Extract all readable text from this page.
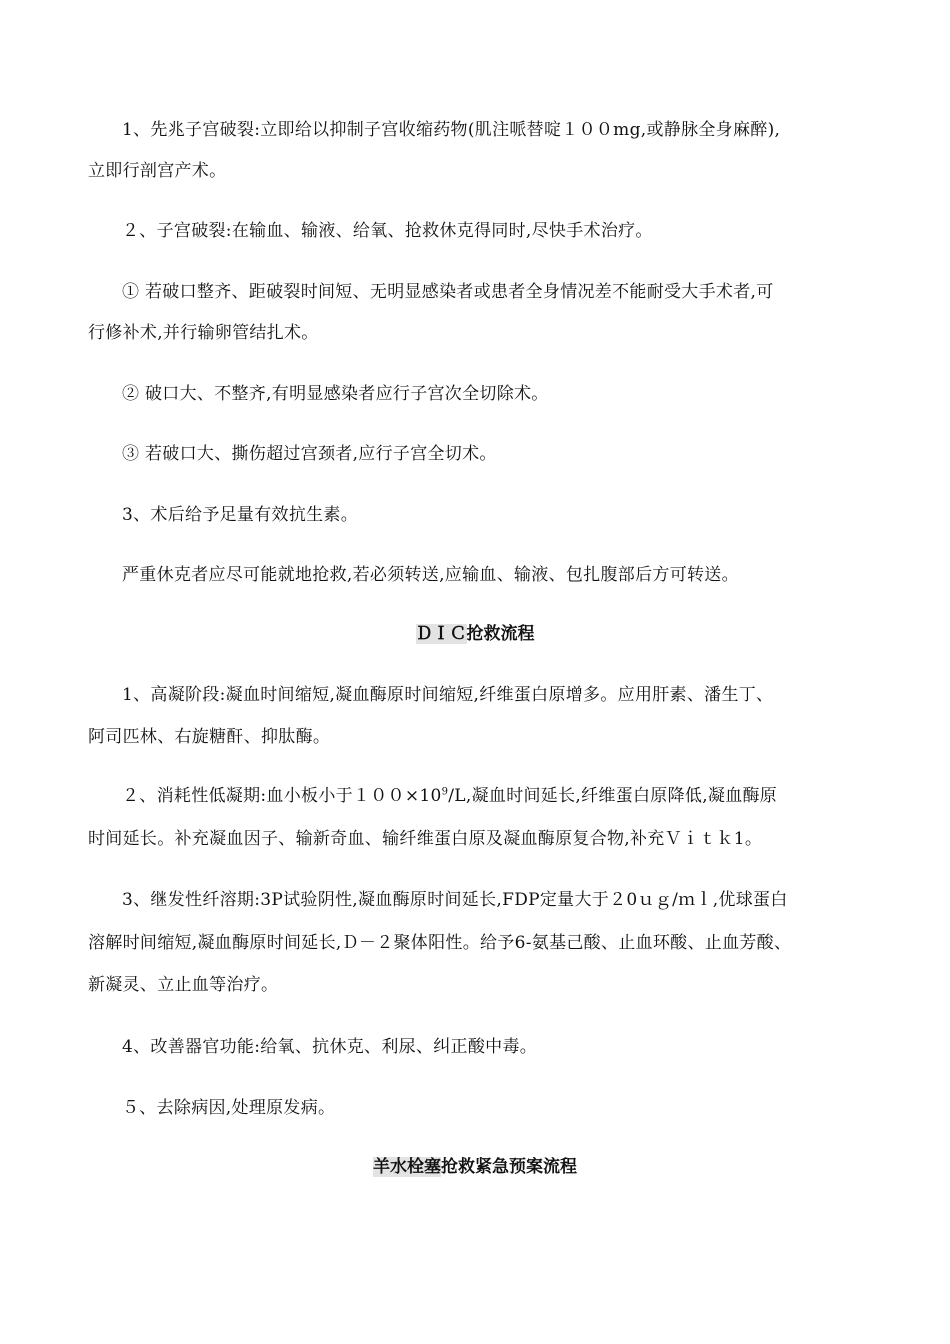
1、先兆子宫破裂:立即给以抑制子宫收缩药物(肌注哌替啶１００mg,或静脉全身麻醉),
立即行剖宫产术。
２、子宫破裂:在输血、输液、给氧、抢救休克得同时,尽快手术治疗。
① 若破口整齐、距破裂时间短、无明显感染者或患者全身情况差不能耐受大手术者,可
行修补术,并行输卵管结扎术。
② 破口大、不整齐,有明显感染者应行子宫次全切除术。
③ 若破口大、撕伤超过宫颈者,应行子宫全切术。
3、术后给予足量有效抗生素。
严重休克者应尽可能就地抢救,若必须转送,应输血、输液、包扎腹部后方可转送。
ＤＩＣ抢救流程
1、高凝阶段:凝血时间缩短,凝血酶原时间缩短,纤维蛋白原增多。应用肝素、潘生丁、
阿司匹林、右旋糖酐、抑肽酶。
２、消耗性低凝期:血小板小于$100\times 10^9/L$,凝血时间延长,纤维蛋白原降低,凝血酶原
时间延长。补充凝血因子、输新奇血、输纤维蛋白原及凝血酶原复合物,补充Ｖｉｔｋ1。
3、继发性纤溶期:3P试验阴性,凝血酶原时间延长,FDP定量大于２0ｕｇ/ｍｌ,优球蛋白
溶解时间缩短,凝血酶原时间延长,Ｄ－２聚体阳性。给予6-氨基己酸、止血环酸、止血芳酸、
新凝灵、立止血等治疗。
4、改善器官功能:给氧、抗休克、利尿、纠正酸中毒。
５、去除病因,处理原发病。
羊水栓塞抢救紧急预案流程
